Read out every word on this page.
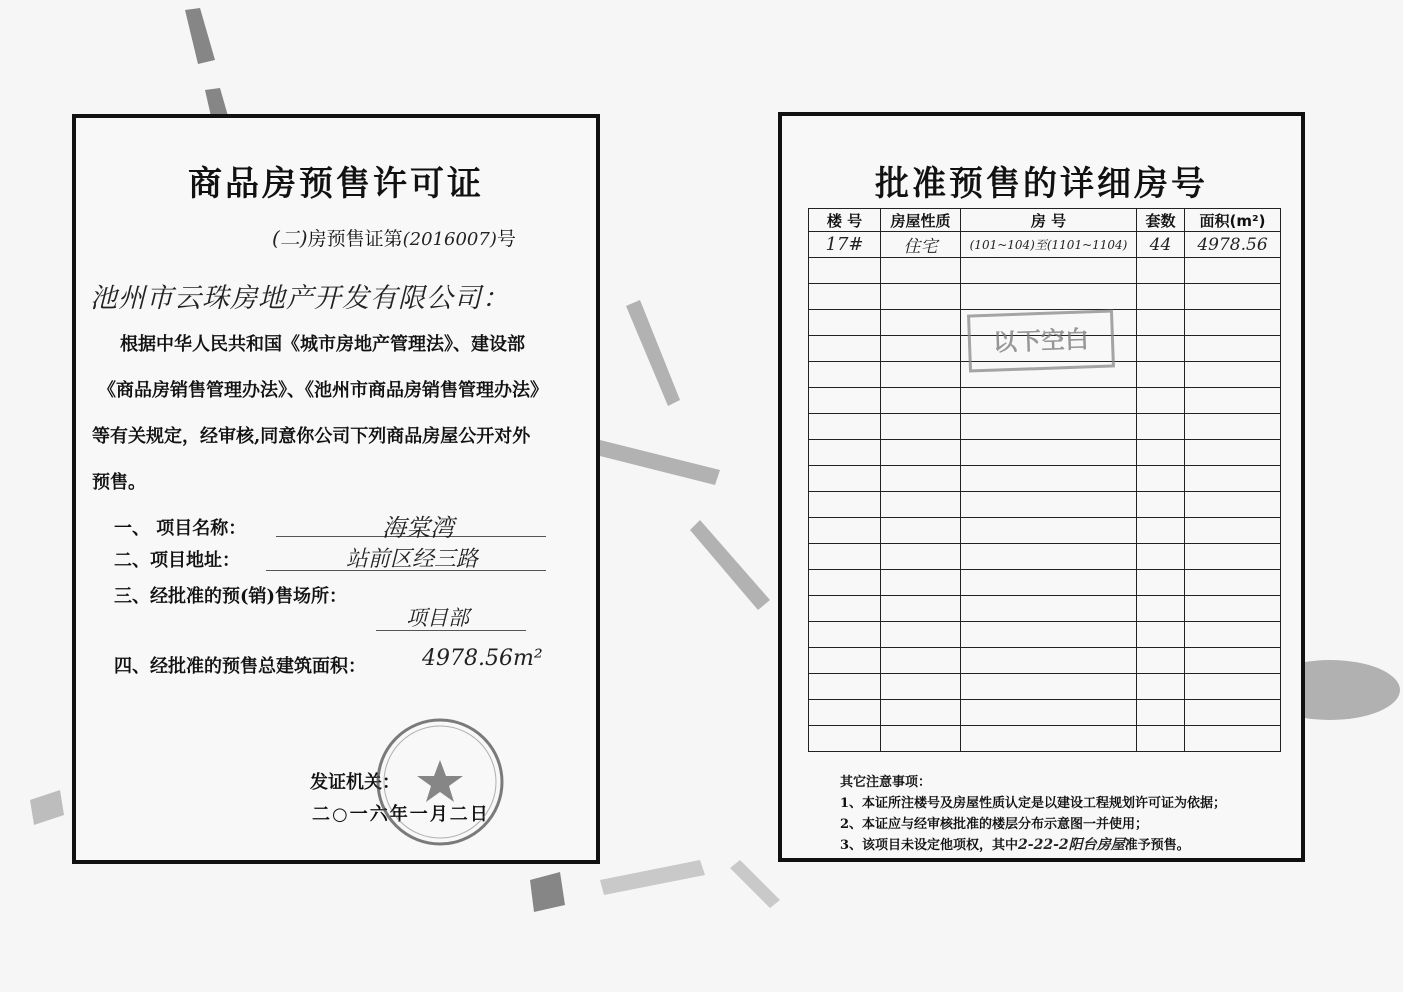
商品房预售许可证
(二)房预售证第(2016007)号
池州市云珠房地产开发有限公司：
根据中华人民共和国《城市房地产管理法》、建设部
《商品房销售管理办法》、《池州市商品房销售管理办法》
等有关规定，经审核,同意你公司下列商品房屋公开对外
预售。
一、 项目名称：	海棠湾
二、项目地址：	站前区经三路
三、经批准的预(销)售场所：
项目部
四、经批准的预售总建筑面积：	4978.56m²
发证机关：
二○一六年一月二日
批准预售的详细房号
楼 号	房屋性质	房 号	套数	面积(m²)
17#	住宅	(101~104)至(1101~1104)	44	4978.56

以下空白
其它注意事项：
1、本证所注楼号及房屋性质认定是以建设工程规划许可证为依据；
2、本证应与经审核批准的楼层分布示意图一并使用；
3、该项目未设定他项权，其中2-22-2阳台房屋准予预售。
